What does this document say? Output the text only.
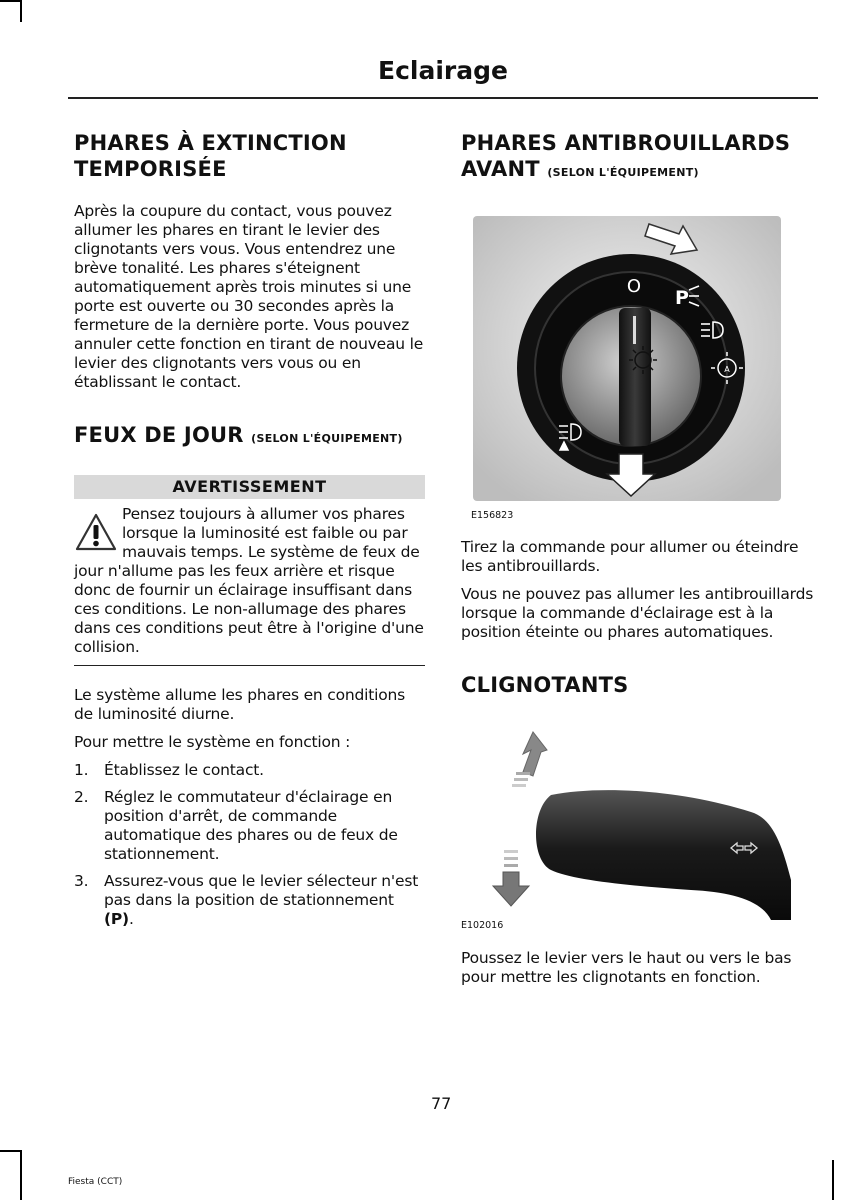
Eclairage
PHARES À EXTINCTION
TEMPORISÉE

Après la coupure du contact, vous pouvez allumer les phares en tirant le levier des clignotants vers vous. Vous entendrez une brève tonalité. Les phares s'éteignent automatiquement après trois minutes si une porte est ouverte ou 30 secondes après la fermeture de la dernière porte. Vous pouvez annuler cette fonction en tirant de nouveau le levier des clignotants vers vous ou en établissant le contact.

FEUX DE JOUR (SELON L'ÉQUIPEMENT)
AVERTISSEMENT

Pensez toujours à allumer vos phares lorsque la luminosité est faible ou par mauvais temps. Le système de feux de jour n'allume pas les feux arrière et risque donc de fournir un éclairage insuffisant dans ces conditions. Le non-allumage des phares dans ces conditions peut être à l'origine d'une collision.

Le système allume les phares en conditions de luminosité diurne.

Pour mettre le système en fonction :

1. Établissez le contact.
2. Réglez le commutateur d'éclairage en position d'arrêt, de commande automatique des phares ou de feux de stationnement.
3. Assurez-vous que le levier sélecteur n'est pas dans la position de stationnement (P).
PHARES ANTIBROUILLARDS
AVANT (SELON L'ÉQUIPEMENT)
O
P
A
E156823

Tirez la commande pour allumer ou éteindre les antibrouillards.

Vous ne pouvez pas allumer les antibrouillards lorsque la commande d'éclairage est à la position éteinte ou phares automatiques.

CLIGNOTANTS
E102016

Poussez le levier vers le haut ou vers le bas pour mettre les clignotants en fonction.

77
Fiesta (CCT)
